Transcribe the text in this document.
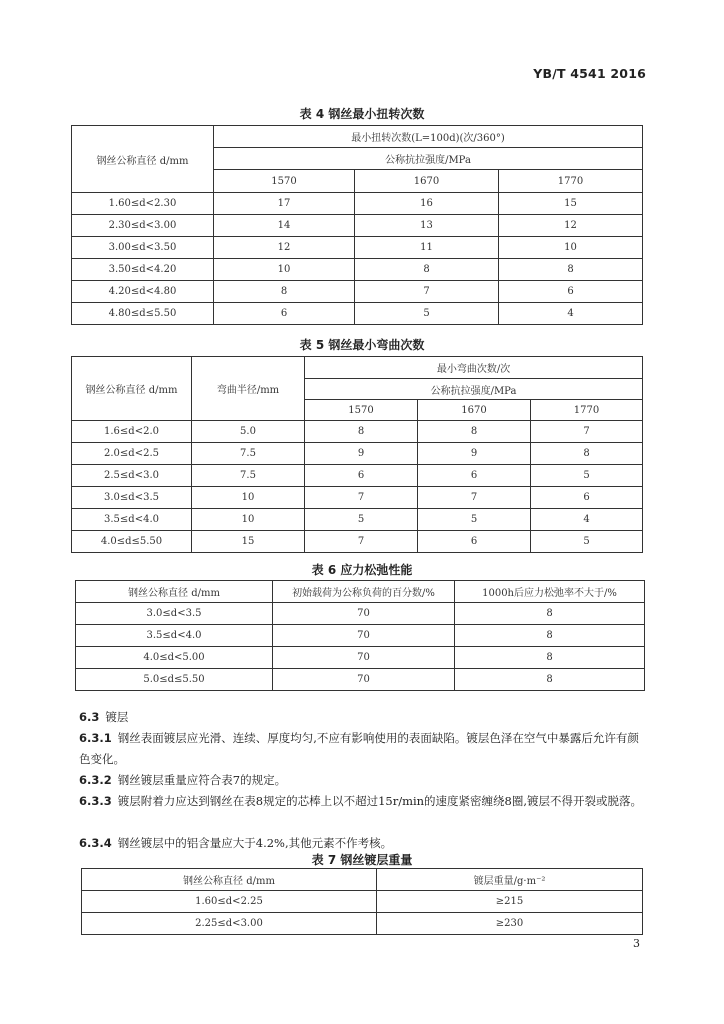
YB/T 4541 2016
表 4 钢丝最小扭转次数
钢丝公称直径 d/mm	最小扭转次数(L=100d)(次/360°)		
	公称抗拉强度/MPa		
	1570	1670	1770
1.60≤d<2.30	17	16	15
2.30≤d<3.00	14	13	12
3.00≤d<3.50	12	11	10
3.50≤d<4.20	10	8	8
4.20≤d<4.80	8	7	6
4.80≤d≤5.50	6	5	4
表 5 钢丝最小弯曲次数
钢丝公称直径 d/mm	弯曲半径/mm	最小弯曲次数/次		
		公称抗拉强度/MPa		
		1570	1670	1770
1.6≤d<2.0	5.0	8	8	7
2.0≤d<2.5	7.5	9	9	8
2.5≤d<3.0	7.5	6	6	5
3.0≤d<3.5	10	7	7	6
3.5≤d<4.0	10	5	5	4
4.0≤d≤5.50	15	7	6	5
表 6 应力松弛性能
钢丝公称直径 d/mm	初始载荷为公称负荷的百分数/%	1000h后应力松弛率不大于/%
3.0≤d<3.5	70	8
3.5≤d<4.0	70	8
4.0≤d<5.00	70	8
5.0≤d≤5.50	70	8
6.3 镀层
6.3.1 钢丝表面镀层应光滑、连续、厚度均匀,不应有影响使用的表面缺陷。镀层色泽在空气中暴露后允许有颜色变化。
6.3.2 钢丝镀层重量应符合表7的规定。
6.3.3 镀层附着力应达到钢丝在表8规定的芯棒上以不超过15r/min的速度紧密缠绕8圈,镀层不得开裂或脱落。
6.3.4 钢丝镀层中的铝含量应大于4.2%,其他元素不作考核。
表 7 钢丝镀层重量
钢丝公称直径 d/mm	镀层重量/g·m⁻²
1.60≤d<2.25	≥215
2.25≤d<3.00	≥230
3
